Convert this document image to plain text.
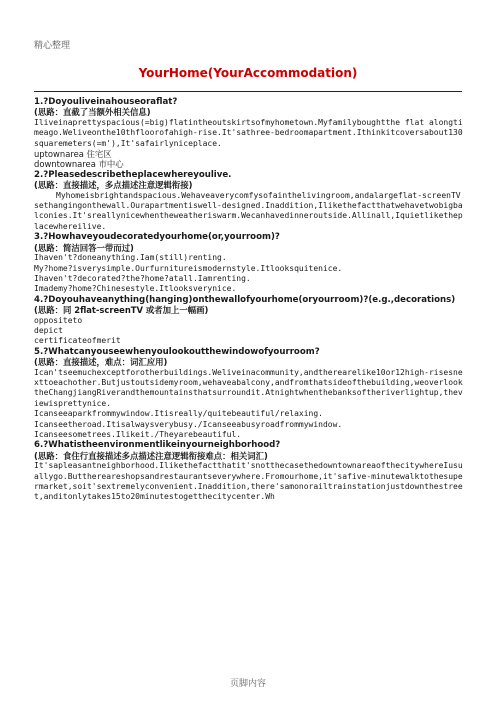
精心整理
YourHome(YourAccommodation)

1.?Doyouliveinahouseoraflat?

(思路：直截了当额外相关信息)

Iliveinaprettyspacious(=big)flatintheoutskirtsofmyhometown.Myfamilyboughtthe flat alongtimeago.Weliveonthe10thfloorofahigh-rise.It'sathree-bedroomapartment.Ithinkitcoversabout130squaremeters(=m'),It'safairlyniceplace.

uptownarea 住宅区

downtownarea 市中心

2.?Pleasedescribetheplacewhereyoulive.

(思路：直接描述，多点描述注意逻辑衔接)

Myhomeisbrightandspacious.Wehaveaverycomfysofainthelivingroom,andalargeflat-screenTVsethangingonthewall.Ourapartmentiswell-designed.Inaddition,Ilikethefactthatwehavetwobigbalconies.It'sreallynicewhentheweatheriswarm.Wecanhavedinneroutside.Allinall,Iquietliketheplacewhereilive.

3.?Howhaveyoudecoratedyourhome(or,yourroom)?

(思路：简洁回答一带而过)

Ihaven't?doneanything.Iam(still)renting.

My?home?isverysimple.Ourfurnitureismodernstyle.Itlooksquitenice.

Ihaven't?decorated?the?home?atall.Iamrenting.

Imademy?home?Chinesestyle.Itlooksverynice.

4.?Doyouhaveanything(hanging)onthewallofyourhome(oryourroom)?(e.g.,decorations)

(思路：同 2flat-screenTV 或者加上一幅画)

oppositeto

depict

certificateofmerit

5.?Whatcanyouseewhenyoulookoutthewindowofyourroom?

(思路：直接描述，难点：词汇应用)

Ican'tseemuchexceptforotherbuildings.Weliveinacommunity,andtherearelike10or12high-risesnexttoeachother.Butjustoutsidemyroom,wehaveabalcony,andfromthatsideofthebuilding,weoverlooktheChangjiangRiverandthemountainsthatsurroundit.Atnightwhenthebanksoftheriverlightup,theviewisprettynice.

Icanseeaparkfrommywindow.Itisreally/quitebeautiful/relaxing.

Icanseetheroad.Itisalwaysverybusy./Icanseeabusyroadfrommywindow.

Icanseesometrees.Ilikeit./Theyarebeautiful.

6.?Whatistheenvironmentlikeinyourneighborhood?

(思路：食住行直接描述多点描述注意逻辑衔接难点：相关词汇)

It'sapleasantneighborhood.Ilikethefactthatit'snotthecasethedowntownareaofthecitywhereIusuallygo.Butthereareshopsandrestaurantseverywhere.Fromourhome,it'safive-minutewalktothesupermarket,soit'sextremelyconvenient.Inaddition,there'samonorailtrainstationjustdownthestreet,anditonlytakes15to20minutestogetthecitycenter.Wh

页脚内容
